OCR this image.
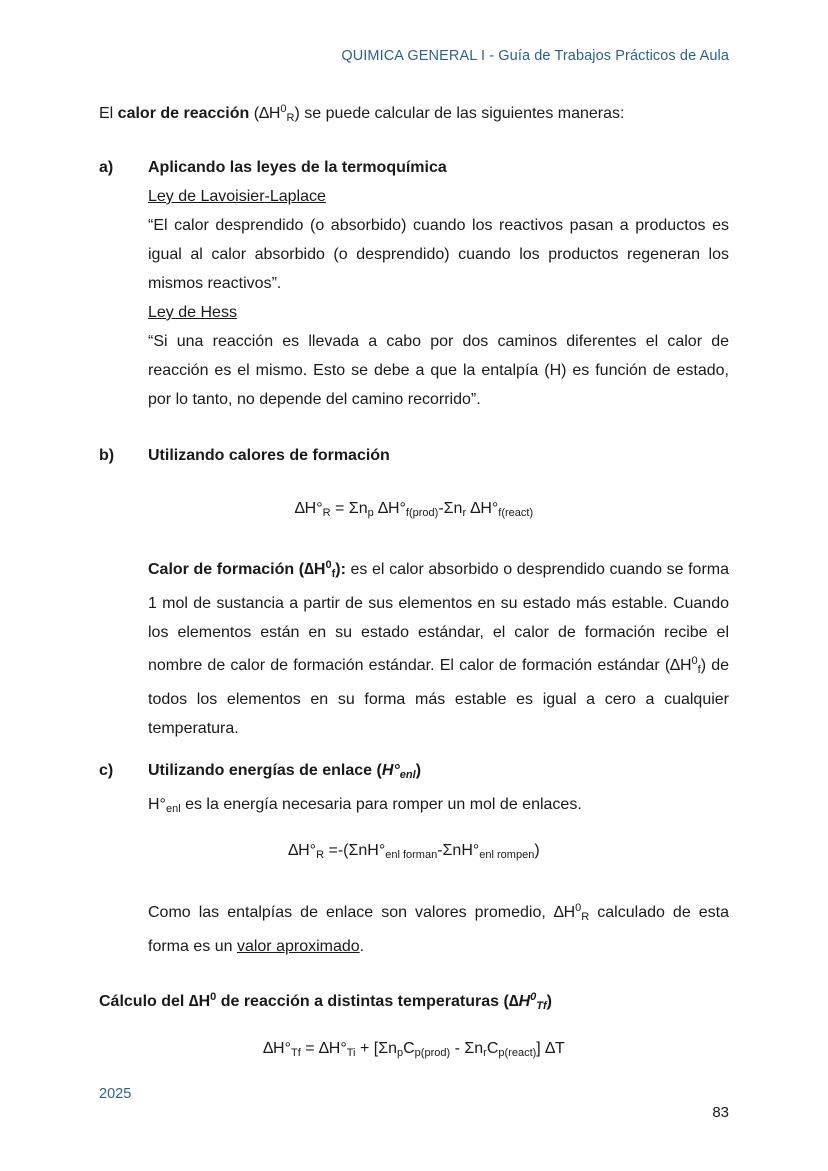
QUIMICA GENERAL I - Guía de Trabajos Prácticos de Aula
El calor de reacción $(\Delta H^0_R)$ se puede calcular de las siguientes maneras:
a) Aplicando las leyes de la termoquímica
Ley de Lavoisier-Laplace
“El calor desprendido (o absorbido) cuando los reactivos pasan a productos es igual al calor absorbido (o desprendido) cuando los productos regeneran los mismos reactivos”.
Ley de Hess
“Si una reacción es llevada a cabo por dos caminos diferentes el calor de reacción es el mismo. Esto se debe a que la entalpía (H) es función de estado, por lo tanto, no depende del camino recorrido”.
b) Utilizando calores de formación
$\Delta H^\circ_R = \Sigma n_p$ $\Delta H^\circ_{f(prod)}-\Sigma n_r$ $\Delta H^\circ_{f(react)}$
Calor de formación $(\Delta H^0_f)$: es el calor absorbido o desprendido cuando se forma 1 mol de sustancia a partir de sus elementos en su estado más estable. Cuando los elementos están en su estado estándar, el calor de formación recibe el nombre de calor de formación estándar. El calor de formación estándar $(\Delta H^0_f)$ de todos los elementos en su forma más estable es igual a cero a cualquier temperatura.
c) Utilizando energías de enlace $(H^\circ_{enl})$
$H^\circ_{enl}$ es la energía necesaria para romper un mol de enlaces.
$\Delta H^\circ_R =-(\Sigma nH^\circ_{enl forman}-\Sigma nH^\circ_{enl rompen})$
Como las entalpías de enlace son valores promedio, $\Delta H^0_R$ calculado de esta forma es un valor aproximado.
Cálculo del $\Delta H^0$ de reacción a distintas temperaturas $(\Delta H^0_{Tf})$
$\Delta H^\circ_{Tf} = \Delta H^\circ_{Ti} + [\Sigma n_pC_{p(prod)} - \Sigma n_rC_{p(react)}]$ ∆T
2025
83
